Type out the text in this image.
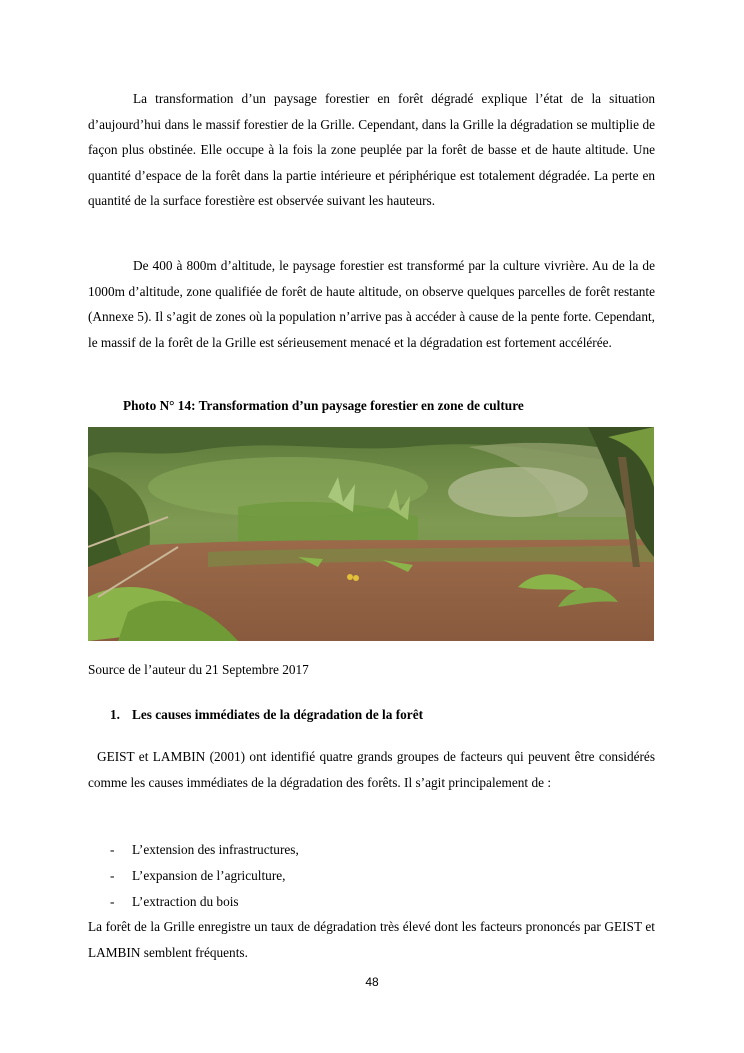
La transformation d’un paysage forestier en forêt dégradé explique l’état de la situation d’aujourd’hui dans le massif forestier de la Grille. Cependant, dans la Grille la dégradation se multiplie de façon plus obstinée. Elle occupe à la fois la zone peuplée par la forêt de basse et de haute altitude. Une quantité d’espace de la forêt dans la partie intérieure et périphérique est totalement dégradée. La perte en quantité de la surface forestière est observée suivant les hauteurs.

De 400 à 800m d’altitude, le paysage forestier est transformé par la culture vivrière. Au de la de 1000m d’altitude, zone qualifiée de forêt de haute altitude, on observe quelques parcelles de forêt restante (Annexe 5). Il s’agit de zones où la population n’arrive pas à accéder à cause de la pente forte. Cependant, le massif de la forêt de la Grille est sérieusement menacé et la dégradation est fortement accélérée.

Photo N° 14: Transformation d’un paysage forestier en zone de culture

Source de l’auteur du 21 Septembre 2017

1. Les causes immédiates de la dégradation de la forêt

GEIST et LAMBIN (2001) ont identifié quatre grands groupes de facteurs qui peuvent être considérés comme les causes immédiates de la dégradation des forêts. Il s’agit principalement de :

- L’extension des infrastructures,
- L’expansion de l’agriculture,
- L’extraction du bois

La forêt de la Grille enregistre un taux de dégradation très élevé dont les facteurs prononcés par GEIST et LAMBIN semblent fréquents.

48
